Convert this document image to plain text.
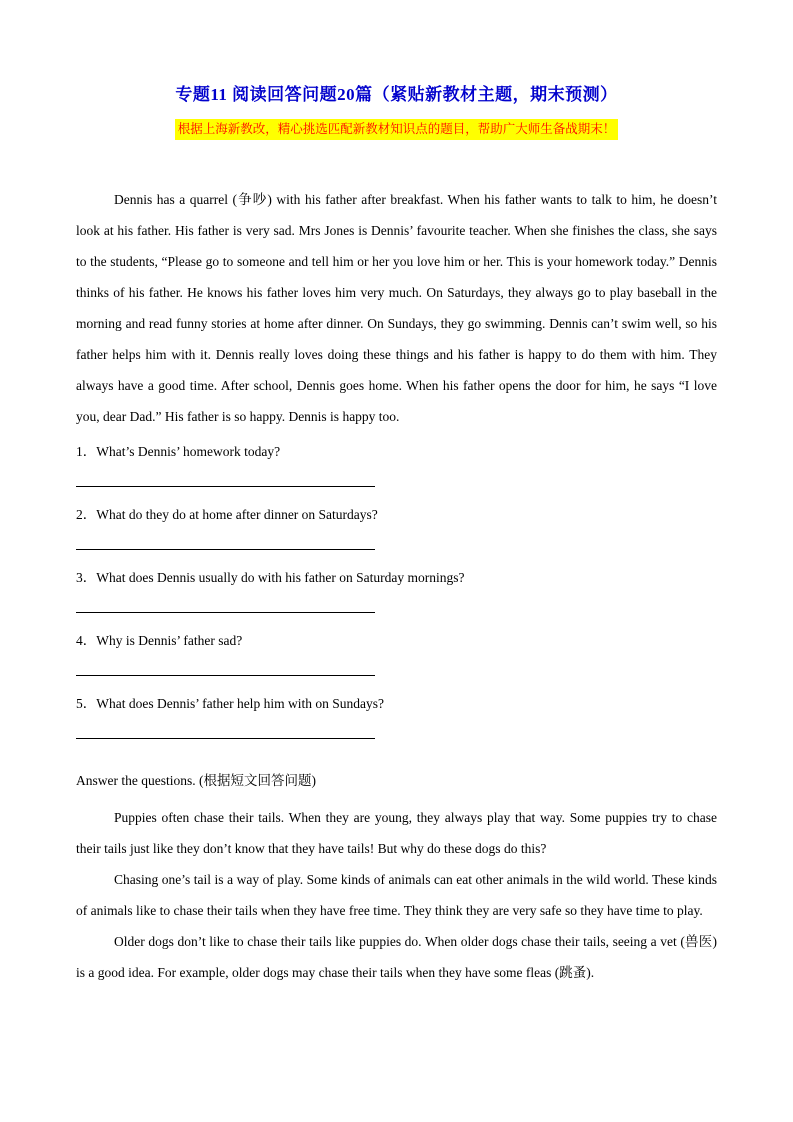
专题11 阅读回答问题20篇（紧贴新教材主题，期末预测）
根据上海新教改，精心挑选匹配新教材知识点的题目，帮助广大师生备战期末！

Dennis has a quarrel (争吵) with his father after breakfast. When his father wants to talk to him, he doesn’t look at his father. His father is very sad. Mrs Jones is Dennis’ favourite teacher. When she finishes the class, she says to the students, “Please go to someone and tell him or her you love him or her. This is your homework today.” Dennis thinks of his father. He knows his father loves him very much. On Saturdays, they always go to play baseball in the morning and read funny stories at home after dinner. On Sundays, they go swimming. Dennis can’t swim well, so his father helps him with it. Dennis really loves doing these things and his father is happy to do them with him. They always have a good time. After school, Dennis goes home. When his father opens the door for him, he says “I love you, dear Dad.” His father is so happy. Dennis is happy too.

1．What’s Dennis’ homework today?
2．What do they do at home after dinner on Saturdays?
3．What does Dennis usually do with his father on Saturday mornings?
4．Why is Dennis’ father sad?
5．What does Dennis’ father help him with on Sundays?
Answer the questions. (根据短文回答问题)

Puppies often chase their tails. When they are young, they always play that way. Some puppies try to chase their tails just like they don’t know that they have tails! But why do these dogs do this?

Chasing one’s tail is a way of play. Some kinds of animals can eat other animals in the wild world. These kinds of animals like to chase their tails when they have free time. They think they are very safe so they have time to play.

Older dogs don’t like to chase their tails like puppies do. When older dogs chase their tails, seeing a vet (兽医) is a good idea. For example, older dogs may chase their tails when they have some fleas (跳蚤).
